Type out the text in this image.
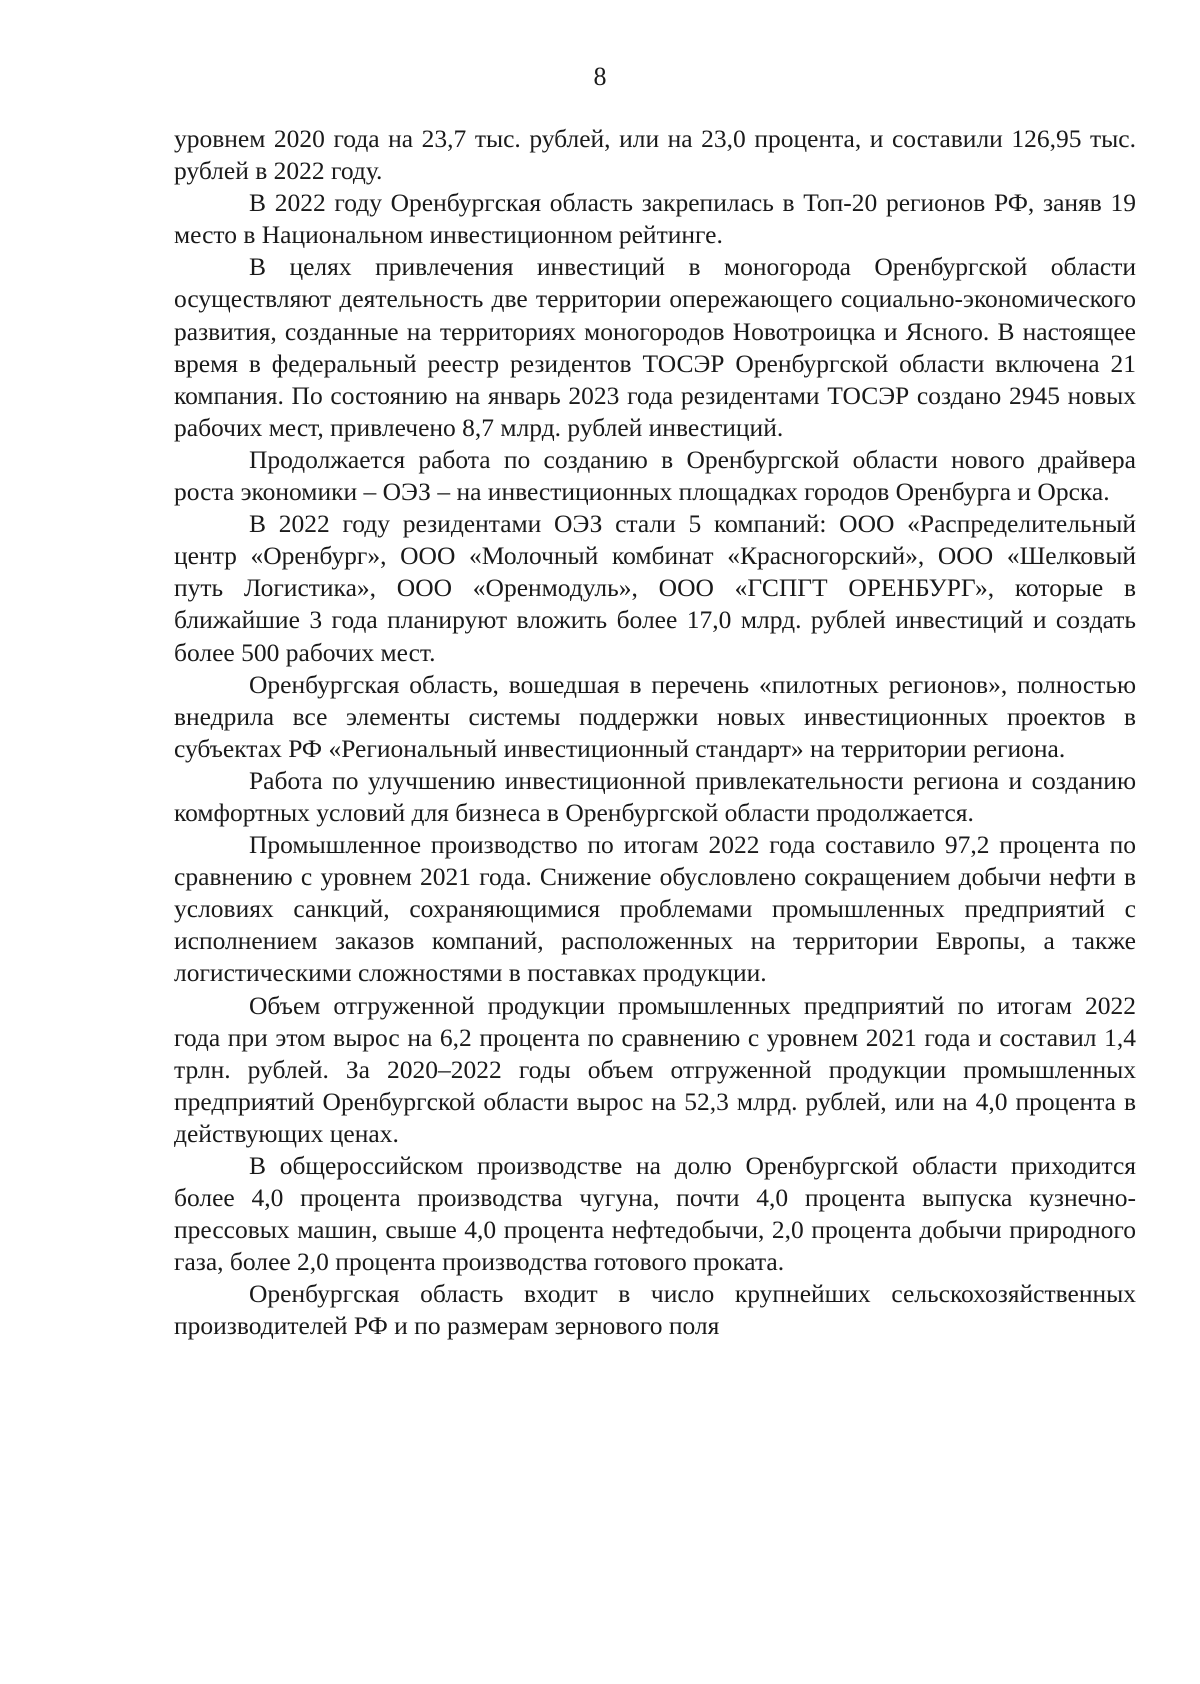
8

уровнем 2020 года на 23,7 тыс. рублей, или на 23,0 процента, и составили 126,95 тыс. рублей в 2022 году.

В 2022 году Оренбургская область закрепилась в Топ-20 регионов РФ, заняв 19 место в Национальном инвестиционном рейтинге.

В целях привлечения инвестиций в моногорода Оренбургской области осуществляют деятельность две территории опережающего социально-экономического развития, созданные на территориях моногородов Новотроицка и Ясного. В настоящее время в федеральный реестр резидентов ТОСЭР Оренбургской области включена 21 компания. По состоянию на январь 2023 года резидентами ТОСЭР создано 2945 новых рабочих мест, привлечено 8,7 млрд. рублей инвестиций.

Продолжается работа по созданию в Оренбургской области нового драйвера роста экономики – ОЭЗ – на инвестиционных площадках городов Оренбурга и Орска.

В 2022 году резидентами ОЭЗ стали 5 компаний: ООО «Распределительный центр «Оренбург», ООО «Молочный комбинат «Красногорский», ООО «Шелковый путь Логистика», ООО «Оренмодуль», ООО «ГСПГТ ОРЕНБУРГ», которые в ближайшие 3 года планируют вложить более 17,0 млрд. рублей инвестиций и создать более 500 рабочих мест.

Оренбургская область, вошедшая в перечень «пилотных регионов», полностью внедрила все элементы системы поддержки новых инвестиционных проектов в субъектах РФ «Региональный инвестиционный стандарт» на территории региона.

Работа по улучшению инвестиционной привлекательности региона и созданию комфортных условий для бизнеса в Оренбургской области продолжается.

Промышленное производство по итогам 2022 года составило 97,2 процента по сравнению с уровнем 2021 года. Снижение обусловлено сокращением добычи нефти в условиях санкций, сохраняющимися проблемами промышленных предприятий с исполнением заказов компаний, расположенных на территории Европы, а также логистическими сложностями в поставках продукции.

Объем отгруженной продукции промышленных предприятий по итогам 2022 года при этом вырос на 6,2 процента по сравнению с уровнем 2021 года и составил 1,4 трлн. рублей. За 2020–2022 годы объем отгруженной продукции промышленных предприятий Оренбургской области вырос на 52,3 млрд. рублей, или на 4,0 процента в действующих ценах.

В общероссийском производстве на долю Оренбургской области приходится более 4,0 процента производства чугуна, почти 4,0 процента выпуска кузнечно-прессовых машин, свыше 4,0 процента нефтедобычи, 2,0 процента добычи природного газа, более 2,0 процента производства готового проката.

Оренбургская область входит в число крупнейших сельскохозяйственных производителей РФ и по размерам зернового поля
